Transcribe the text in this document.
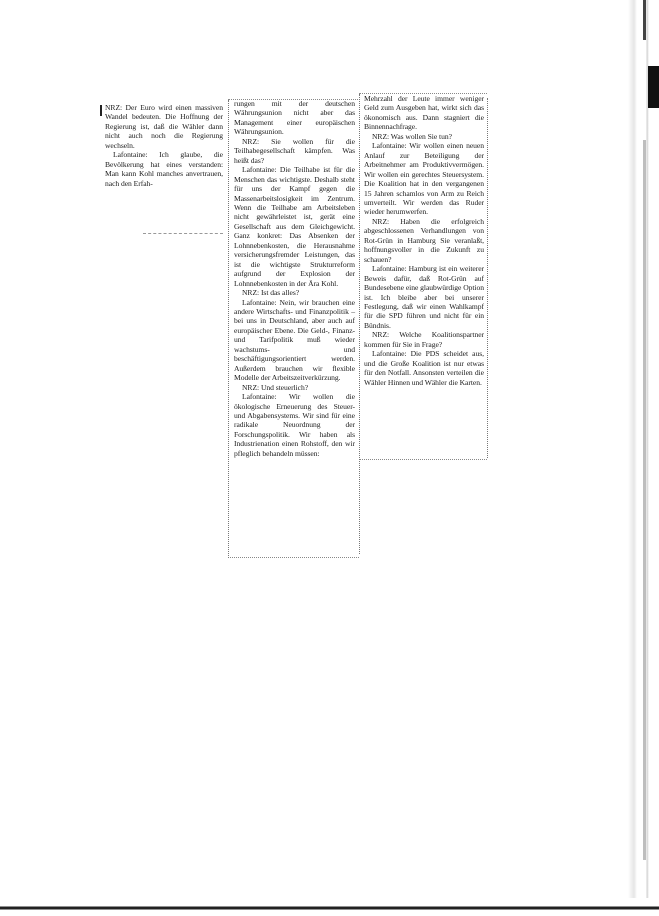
NRZ: Der Euro wird einen massiven Wandel bedeuten. Die Hoffnung der Regierung ist, daß die Wähler dann nicht auch noch die Regierung wechseln.

Lafontaine: Ich glaube, die Bevölkerung hat eines verstanden: Man kann Kohl manches anvertrauen, nach den Erfah-

rungen mit der deutschen Währungsunion nicht aber das Management einer europäischen Währungsunion.

NRZ: Sie wollen für die Teilhabegesellschaft kämpfen. Was heißt das?

Lafontaine: Die Teilhabe ist für die Menschen das wichtigste. Deshalb steht für uns der Kampf gegen die Massenarbeitslosigkeit im Zentrum. Wenn die Teilhabe am Arbeitsleben nicht gewährleistet ist, gerät eine Gesellschaft aus dem Gleichgewicht. Ganz konkret: Das Absenken der Lohnnebenkosten, die Herausnahme versicherungsfremder Leistungen, das ist die wichtigste Strukturreform aufgrund der Explosion der Lohnnebenkosten in der Ära Kohl.

NRZ: Ist das alles?

Lafontaine: Nein, wir brauchen eine andere Wirtschafts- und Finanzpolitik – bei uns in Deutschland, aber auch auf europäischer Ebene. Die Geld-, Finanz- und Tarifpolitik muß wieder wachstums- und beschäftigungsorientiert werden. Außerdem brauchen wir flexible Modelle der Arbeitszeitverkürzung.

NRZ: Und steuerlich?

Lafontaine: Wir wollen die ökologische Erneuerung des Steuer- und Abgabensystems. Wir sind für eine radikale Neuordnung der Forschungspolitik. Wir haben als Industrienation einen Rohstoff, den wir pfleglich behandeln müssen:

Mehrzahl der Leute immer weniger Geld zum Ausgeben hat, wirkt sich das ökonomisch aus. Dann stagniert die Binnennachfrage.

NRZ: Was wollen Sie tun?

Lafontaine: Wir wollen einen neuen Anlauf zur Beteiligung der Arbeitnehmer am Produktivvermögen. Wir wollen ein gerechtes Steuersystem. Die Koalition hat in den vergangenen 15 Jahren schamlos von Arm zu Reich umverteilt. Wir werden das Ruder wieder herumwerfen.

NRZ: Haben die erfolgreich abgeschlossenen Verhandlungen von Rot-Grün in Hamburg Sie veranlaßt, hoffnungsvoller in die Zukunft zu schauen?

Lafontaine: Hamburg ist ein weiterer Beweis dafür, daß Rot-Grün auf Bundesebene eine glaubwürdige Option ist. Ich bleibe aber bei unserer Festlegung, daß wir einen Wahlkampf für die SPD führen und nicht für ein Bündnis.

NRZ: Welche Koalitionspartner kommen für Sie in Frage?

Lafontaine: Die PDS scheidet aus, und die Große Koalition ist nur etwas für den Notfall. Ansonsten verteilen die Wähler Hinnen und Wähler die Karten.
